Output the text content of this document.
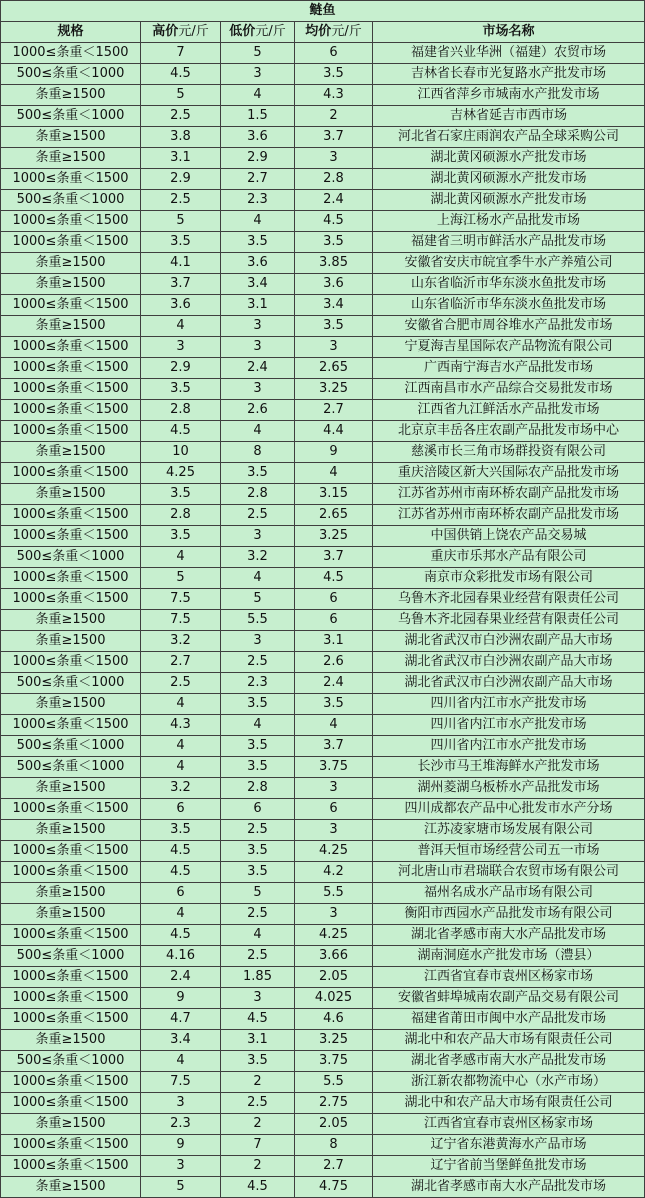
鲢鱼				
规格	高价元/斤	低价元/斤	均价元/斤	市场名称
1000≤条重＜1500	7	5	6	福建省兴业华洲（福建）农贸市场
500≤条重＜1000	4.5	3	3.5	吉林省长春市光复路水产批发市场
条重≥1500	5	4	4.3	江西省萍乡市城南水产批发市场
500≤条重＜1000	2.5	1.5	2	吉林省延吉市西市场
条重≥1500	3.8	3.6	3.7	河北省石家庄雨润农产品全球采购公司
条重≥1500	3.1	2.9	3	湖北黄冈硕源水产批发市场
1000≤条重＜1500	2.9	2.7	2.8	湖北黄冈硕源水产批发市场
500≤条重＜1000	2.5	2.3	2.4	湖北黄冈硕源水产批发市场
1000≤条重＜1500	5	4	4.5	上海江杨水产品批发市场
1000≤条重＜1500	3.5	3.5	3.5	福建省三明市鲜活水产品批发市场
条重≥1500	4.1	3.6	3.85	安徽省安庆市皖宜季牛水产养殖公司
条重≥1500	3.7	3.4	3.6	山东省临沂市华东淡水鱼批发市场
1000≤条重＜1500	3.6	3.1	3.4	山东省临沂市华东淡水鱼批发市场
条重≥1500	4	3	3.5	安徽省合肥市周谷堆水产品批发市场
1000≤条重＜1500	3	3	3	宁夏海吉星国际农产品物流有限公司
1000≤条重＜1500	2.9	2.4	2.65	广西南宁海吉水产品批发市场
1000≤条重＜1500	3.5	3	3.25	江西南昌市水产品综合交易批发市场
1000≤条重＜1500	2.8	2.6	2.7	江西省九江鲜活水产品批发市场
1000≤条重＜1500	4.5	4	4.4	北京京丰岳各庄农副产品批发市场中心
条重≥1500	10	8	9	慈溪市长三角市场群投资有限公司
1000≤条重＜1500	4.25	3.5	4	重庆涪陵区新大兴国际农产品批发市场
条重≥1500	3.5	2.8	3.15	江苏省苏州市南环桥农副产品批发市场
1000≤条重＜1500	2.8	2.5	2.65	江苏省苏州市南环桥农副产品批发市场
1000≤条重＜1500	3.5	3	3.25	中国供销上饶农产品交易城
500≤条重＜1000	4	3.2	3.7	重庆市乐邦水产品有限公司
1000≤条重＜1500	5	4	4.5	南京市众彩批发市场有限公司
1000≤条重＜1500	7.5	5	6	乌鲁木齐北园春果业经营有限责任公司
条重≥1500	7.5	5.5	6	乌鲁木齐北园春果业经营有限责任公司
条重≥1500	3.2	3	3.1	湖北省武汉市白沙洲农副产品大市场
1000≤条重＜1500	2.7	2.5	2.6	湖北省武汉市白沙洲农副产品大市场
500≤条重＜1000	2.5	2.3	2.4	湖北省武汉市白沙洲农副产品大市场
条重≥1500	4	3.5	3.5	四川省内江市水产批发市场
1000≤条重＜1500	4.3	4	4	四川省内江市水产批发市场
500≤条重＜1000	4	3.5	3.7	四川省内江市水产批发市场
500≤条重＜1000	4	3.5	3.75	长沙市马王堆海鲜水产批发市场
条重≥1500	3.2	2.8	3	湖州菱湖乌板桥水产品批发市场
1000≤条重＜1500	6	6	6	四川成都农产品中心批发市水产分场
条重≥1500	3.5	2.5	3	江苏凌家塘市场发展有限公司
1000≤条重＜1500	4.5	3.5	4.25	普洱天恒市场经营公司五一市场
1000≤条重＜1500	4.5	3.5	4.2	河北唐山市君瑞联合农贸市场有限公司
条重≥1500	6	5	5.5	福州名成水产品市场有限公司
条重≥1500	4	2.5	3	衡阳市西园水产品批发市场有限公司
1000≤条重＜1500	4.5	4	4.25	湖北省孝感市南大水产品批发市场
500≤条重＜1000	4.16	2.5	3.66	湖南洞庭水产批发市场（澧县）
1000≤条重＜1500	2.4	1.85	2.05	江西省宜春市袁州区杨家市场
1000≤条重＜1500	9	3	4.025	安徽省蚌埠城南农副产品交易有限公司
1000≤条重＜1500	4.7	4.5	4.6	福建省莆田市闽中水产品批发市场
条重≥1500	3.4	3.1	3.25	湖北中和农产品大市场有限责任公司
500≤条重＜1000	4	3.5	3.75	湖北省孝感市南大水产品批发市场
1000≤条重＜1500	7.5	2	5.5	浙江新农都物流中心（水产市场）
1000≤条重＜1500	3	2.5	2.75	湖北中和农产品大市场有限责任公司
条重≥1500	2.3	2	2.05	江西省宜春市袁州区杨家市场
1000≤条重＜1500	9	7	8	辽宁省东港黄海水产品市场
1000≤条重＜1500	3	2	2.7	辽宁省前当堡鲜鱼批发市场
条重≥1500	5	4.5	4.75	湖北省孝感市南大水产品批发市场
